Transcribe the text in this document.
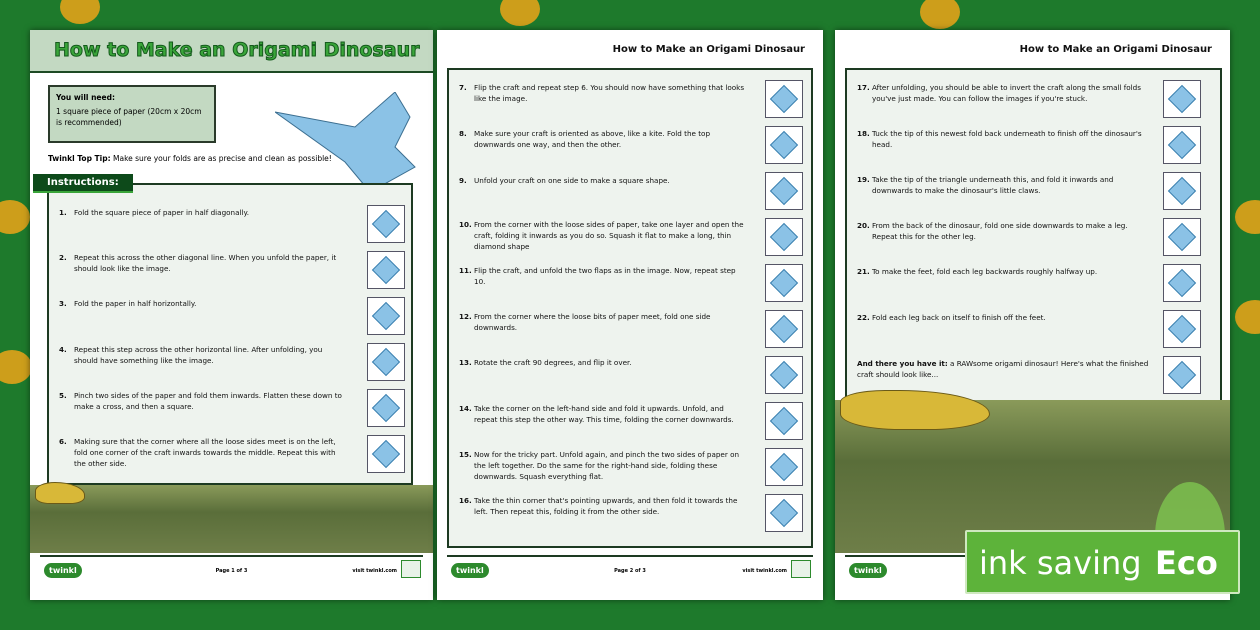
How to Make an Origami Dinosaur
You will need:
1 square piece of paper (20cm x 20cm is recommended)
Twinkl Top Tip: Make sure your folds are as precise and clean as possible!
Instructions:
1. Fold the square piece of paper in half diagonally.
2. Repeat this across the other diagonal line. When you unfold the paper, it should look like the image.
3. Fold the paper in half horizontally.
4. Repeat this step across the other horizontal line. After unfolding, you should have something like the image.
5. Pinch two sides of the paper and fold them inwards. Flatten these down to make a cross, and then a square.
6. Making sure that the corner where all the loose sides meet is on the left, fold one corner of the craft inwards towards the middle. Repeat this with the other side.
twinkl	Page 1 of 3	visit twinkl.com
How to Make an Origami Dinosaur
7. Flip the craft and repeat step 6. You should now have something that looks like the image.
8. Make sure your craft is oriented as above, like a kite. Fold the top downwards one way, and then the other.
9. Unfold your craft on one side to make a square shape.
10. From the corner with the loose sides of paper, take one layer and open the craft, folding it inwards as you do so. Squash it flat to make a long, thin diamond shape
11. Flip the craft, and unfold the two flaps as in the image. Now, repeat step 10.
12. From the corner where the loose bits of paper meet, fold one side downwards.
13. Rotate the craft 90 degrees, and flip it over.
14. Take the corner on the left-hand side and fold it upwards. Unfold, and repeat this step the other way. This time, folding the corner downwards.
15. Now for the tricky part. Unfold again, and pinch the two sides of paper on the left together. Do the same for the right-hand side, folding these downwards. Squash everything flat.
16. Take the thin corner that's pointing upwards, and then fold it towards the left. Then repeat this, folding it from the other side.
twinkl	Page 2 of 3	visit twinkl.com
How to Make an Origami Dinosaur
17. After unfolding, you should be able to invert the craft along the small folds you've just made. You can follow the images if you're stuck.
18. Tuck the tip of this newest fold back underneath to finish off the dinosaur's head.
19. Take the tip of the triangle underneath this, and fold it inwards and downwards to make the dinosaur's little claws.
20. From the back of the dinosaur, fold one side downwards to make a leg. Repeat this for the other leg.
21. To make the feet, fold each leg backwards roughly halfway up.
22. Fold each leg back on itself to finish off the feet.
And there you have it: a RAWsome origami dinosaur! Here's what the finished craft should look like...
twinkl	ink saving Eco
